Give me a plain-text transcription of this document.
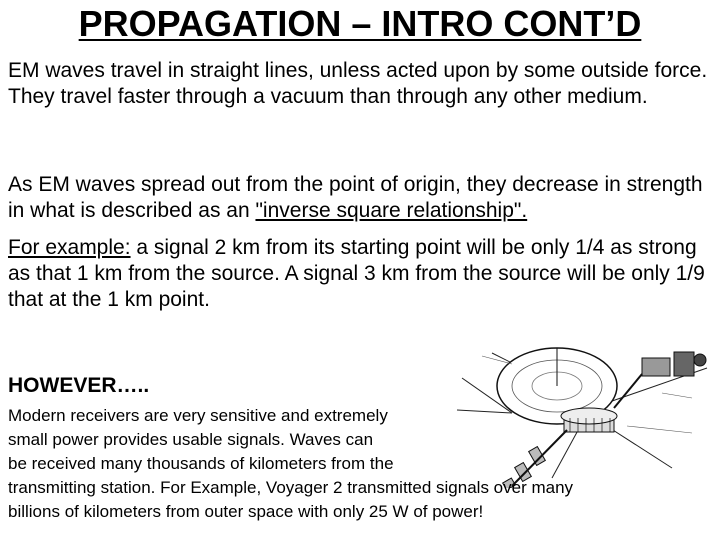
PROPAGATION – INTRO CONT’D
EM waves travel in straight lines, unless acted upon by some outside force. They travel faster through a vacuum than through any other medium.
As EM waves spread out from the point of origin, they decrease in strength in what is described as an "inverse square relationship".
For example: a signal 2 km from its starting point will be only 1/4 as strong as that 1 km from the source. A signal 3 km from the source will be only 1/9 that at the 1 km point.
HOWEVER…..
Modern receivers are very sensitive and extremely
small power provides usable signals. Waves can
be received many thousands of kilometers from the
transmitting station. For Example, Voyager 2 transmitted signals over many
billions of kilometers from outer space with only 25 W of power!
